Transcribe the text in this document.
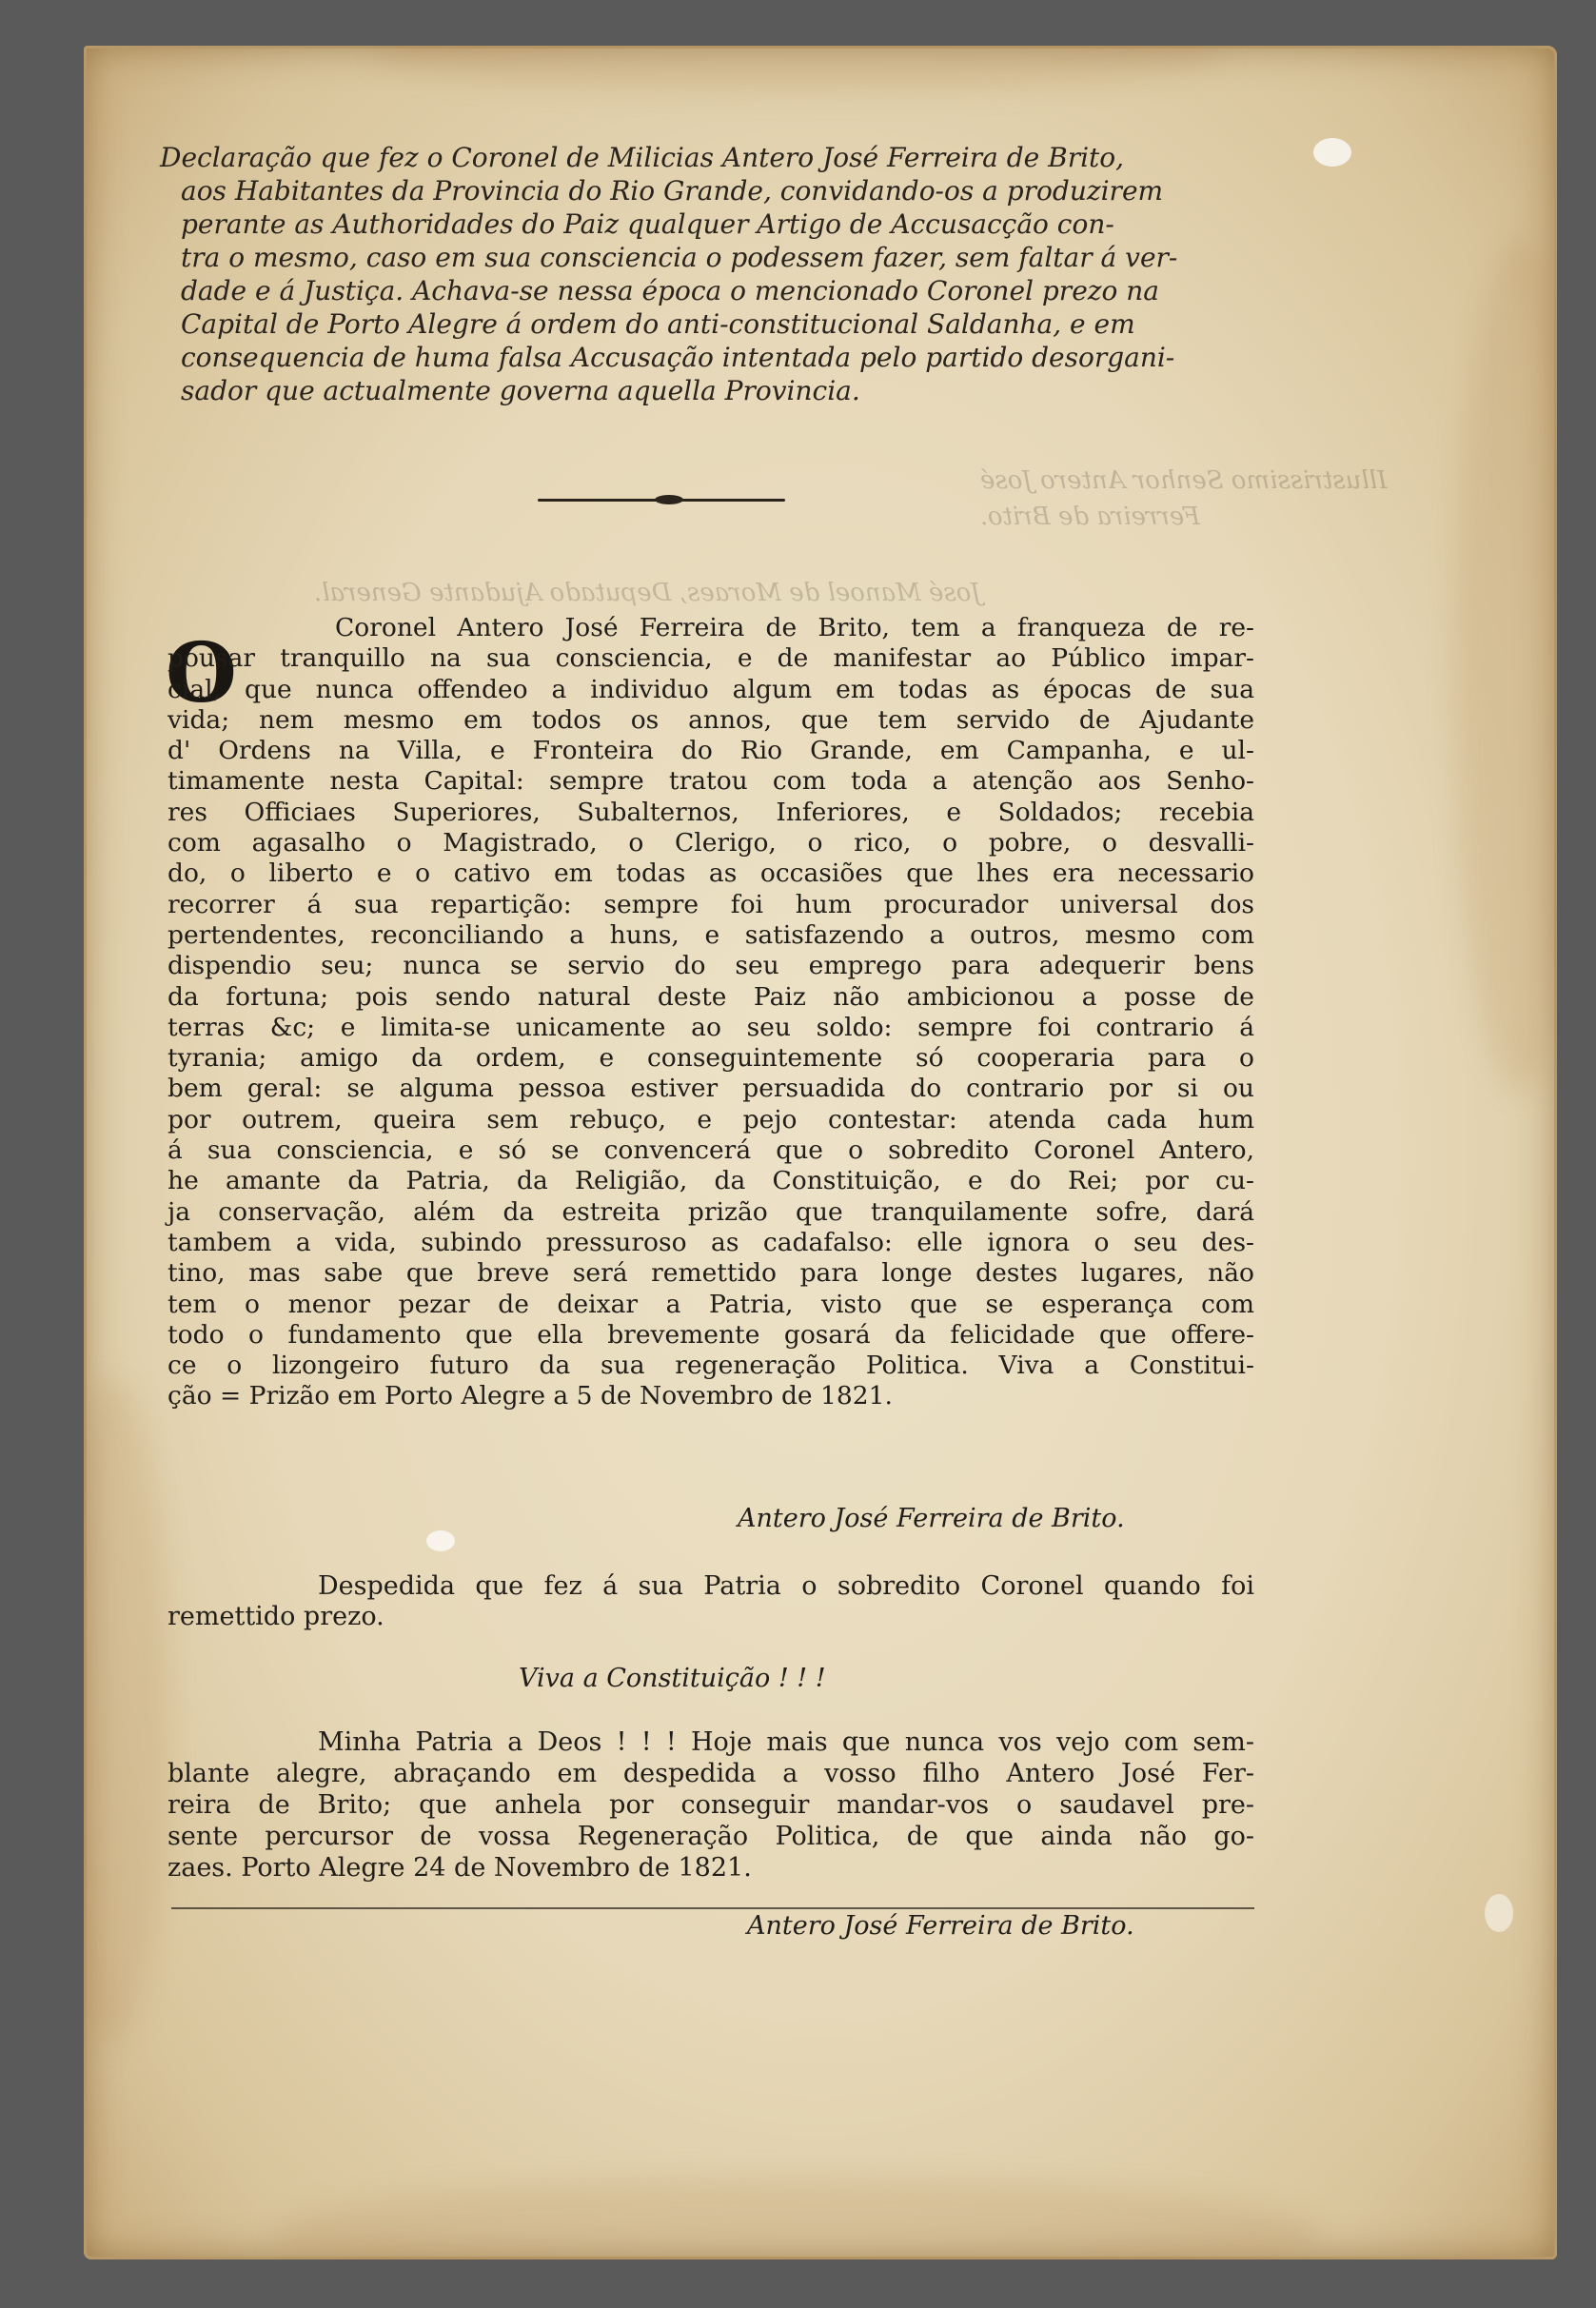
Illustrissimo Senhor Antero José
Ferreira de Brito.
José Manoel de Moraes, Deputado Ajudante General.
Declaração que fez o Coronel de Milicias Antero José Ferreira de Brito,
aos Habitantes da Provincia do Rio Grande, convidando-os a produzirem
perante as Authoridades do Paiz qualquer Artigo de Accusacção con-
tra o mesmo, caso em sua consciencia o podessem fazer, sem faltar á ver-
dade e á Justiça. Achava-se nessa época o mencionado Coronel prezo na
Capital de Porto Alegre á ordem do anti-constitucional Saldanha, e em
consequencia de huma falsa Accusação intentada pelo partido desorgani-
sador que actualmente governa aquella Provincia.
O	Coronel Antero José Ferreira de Brito, tem a franqueza de re-
pousar tranquillo na sua consciencia, e de manifestar ao Público impar-
cial, que nunca offendeo a individuo algum em todas as épocas de sua
vida; nem mesmo em todos os annos, que tem servido de Ajudante
d' Ordens na Villa, e Fronteira do Rio Grande, em Campanha, e ul-
timamente nesta Capital: sempre tratou com toda a atenção aos Senho-
res Officiaes Superiores, Subalternos, Inferiores, e Soldados; recebia
com agasalho o Magistrado, o Clerigo, o rico, o pobre, o desvalli-
do, o liberto e o cativo em todas as occasiões que lhes era necessario
recorrer á sua repartição: sempre foi hum procurador universal dos
pertendentes, reconciliando a huns, e satisfazendo a outros, mesmo com
dispendio seu; nunca se servio do seu emprego para adequerir bens
da fortuna; pois sendo natural deste Paiz não ambicionou a posse de
terras &c; e limita-se unicamente ao seu soldo: sempre foi contrario á
tyrania; amigo da ordem, e conseguintemente só cooperaria para o
bem geral: se alguma pessoa estiver persuadida do contrario por si ou
por outrem, queira sem rebuço, e pejo contestar: atenda cada hum
á sua consciencia, e só se convencerá que o sobredito Coronel Antero,
he amante da Patria, da Religião, da Constituição, e do Rei; por cu-
ja conservação, além da estreita prizão que tranquilamente sofre, dará
tambem a vida, subindo pressuroso as cadafalso: elle ignora o seu des-
tino, mas sabe que breve será remettido para longe destes lugares, não
tem o menor pezar de deixar a Patria, visto que se esperança com
todo o fundamento que ella brevemente gosará da felicidade que offere-
ce o lizongeiro futuro da sua regeneração Politica. Viva a Constitui-
ção = Prizão em Porto Alegre a 5 de Novembro de 1821.
Antero José Ferreira de Brito.
Despedida que fez á sua Patria o sobredito Coronel quando foi
remettido prezo.
Viva a Constituição ! ! !
Minha Patria a Deos ! ! ! Hoje mais que nunca vos vejo com sem-
blante alegre, abraçando em despedida a vosso filho Antero José Fer-
reira de Brito; que anhela por conseguir mandar-vos o saudavel pre-
sente percursor de vossa Regeneração Politica, de que ainda não go-
zaes. Porto Alegre 24 de Novembro de 1821.
Antero José Ferreira de Brito.
